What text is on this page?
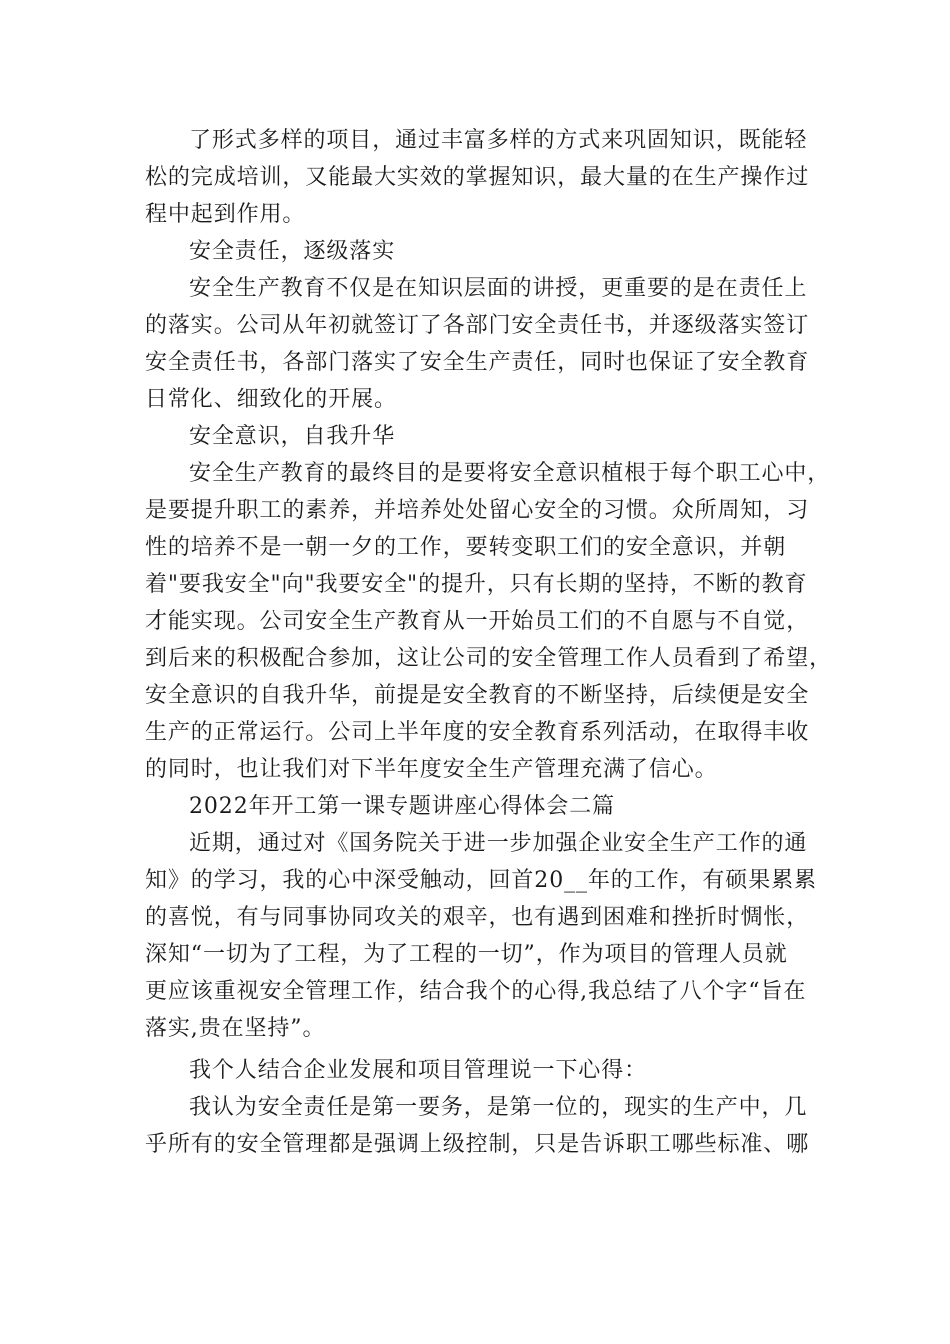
了形式多样的项目，通过丰富多样的方式来巩固知识，既能轻

松的完成培训，又能最大实效的掌握知识，最大量的在生产操作过

程中起到作用。

安全责任，逐级落实

安全生产教育不仅是在知识层面的讲授，更重要的是在责任上

的落实。公司从年初就签订了各部门安全责任书，并逐级落实签订

安全责任书，各部门落实了安全生产责任，同时也保证了安全教育

日常化、细致化的开展。

安全意识，自我升华

安全生产教育的最终目的是要将安全意识植根于每个职工心中，

是要提升职工的素养，并培养处处留心安全的习惯。众所周知，习

性的培养不是一朝一夕的工作，要转变职工们的安全意识，并朝

着"要我安全"向"我要安全"的提升，只有长期的坚持，不断的教育

才能实现。公司安全生产教育从一开始员工们的不自愿与不自觉，

到后来的积极配合参加，这让公司的安全管理工作人员看到了希望，

安全意识的自我升华，前提是安全教育的不断坚持，后续便是安全

生产的正常运行。公司上半年度的安全教育系列活动，在取得丰收

的同时，也让我们对下半年度安全生产管理充满了信心。

2022年开工第一课专题讲座心得体会二篇

近期，通过对《国务院关于进一步加强企业安全生产工作的通

知》的学习，我的心中深受触动，回首20__年的工作，有硕果累累

的喜悦，有与同事协同攻关的艰辛，也有遇到困难和挫折时惆怅，

深知“一切为了工程，为了工程的一切”，作为项目的管理人员就

更应该重视安全管理工作，结合我个的心得,我总结了八个字“旨在

落实,贵在坚持”。

我个人结合企业发展和项目管理说一下心得：

我认为安全责任是第一要务，是第一位的，现实的生产中，几

乎所有的安全管理都是强调上级控制，只是告诉职工哪些标准、哪
